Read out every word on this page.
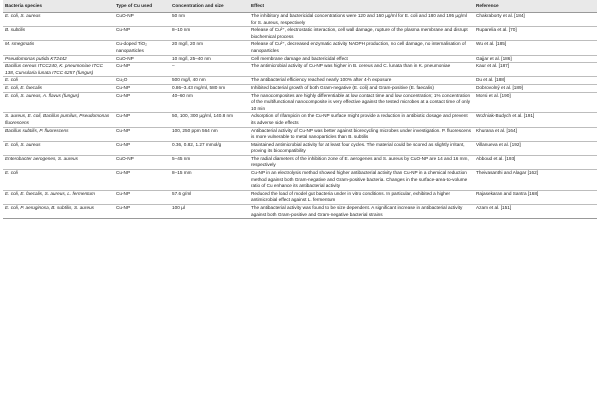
Bacteria species	Type of Cu used	Concentration and size	Effect	Reference
E. coli, S. aureus	CuO-NP	50 nm	The inhibitory and bactericidal concentrations were 120 and 160 µg/ml for E. coli and 180 and 195 µg/ml for S. aureus, respectively	Chakraborty et al. [184]
B. subtilis	Cu-NP	8–10 nm	Release of Cu²⁺, electrostatic interaction, cell wall damage, rupture of the plasma membrane and disrupt biochemical process	Ruparelia et al. [70]
M. smegmatis	Cu-doped TiO₂ nanoparticles	20 mg/l, 20 nm	Release of Cu²⁺, decreased enzymatic activity NADPH production, no cell damage, no internalisation of nanoparticles	Wu et al. [185]
Pseudomonas putida KT2442	CuO-NP	10 mg/l, 25–40 nm	Cell membrane damage and bactericidal effect	Gajjar et al. [186]
Bacillus cereus ITCC240, K. pneumoniae ITCC 138, Curvularia lunata ITCC 6257 (fungus)	Cu-NP	–	The antimicrobial activity of Cu-NP was higher in B. cereus and C. lunata than in K. pneumoniae	Kaur et al. [187]
E. coli	Cu₂O	500 mg/l, 40 nm	The antibacterial efficiency reached nearly 100% after 4-h exposure	Du et al. [188]
E. coli, E. faecalis	Cu-NP	0.86–3.43 mg/ml, 580 nm	Inhibited bacterial growth of both Gram-negative (E. coli) and Gram-positive (E. faecalis)	Dobrovolný et al. [189]
E. coli, S. aureus, A. flavus (fungus)	Cu-NP	40–60 nm	The nanocomposites are highly differentiable at low contact time and low concentration; 1% concentration of the multifunctional nanocomposite is very effective against the tested microbes at a contact time of only 10 min	Morsi et al. [190]
S. aureus, E. coli, Bacillus pumilus, Pseudomonas fluorescens	Cu-NP	50, 100, 300 µg/ml, 140.8 nm	Adsorption of rifampicin on the Cu-NP surface might provide a reduction in antibiotic dosage and prevent its adverse side effects	Woźniak-Budych et al. [191]
Bacillus subtilis, P. fluorescens	Cu-NP	100, 250 ppm 564 nm	Antibacterial activity of Cu-NP was better against biorecycling microbes under investigation. P. fluorescens is more vulnerable to metal nanoparticles than B. subtilis	Khurana et al. [164]
E. coli, S. aureus	Cu-NP	0.36, 0.82, 1.27 mmol/g	Maintained antimicrobial activity for at least four cycles. The material could be scored as slightly irritant, proving its biocompatibility	Villanueva et al. [192]
Enterobacter aerogenes, S. aureus	CuO-NP	5–45 nm	The radial diameters of the inhibition zone of E. aerogenes and S. aureus by CuO-NP are 14 and 16 mm, respectively	Abboud et al. [193]
E. coli	Cu-NP	8–15 mm	Cu-NP in an electrolysis method showed higher antibacterial activity than Cu-NP in a chemical reduction method against both Gram-negative and Gram-positive bacteria. Changes in the surface-area-to-volume ratio of Cu enhance its antibacterial activity	Theivasanthi and Alagar [162]
E. coli, E. faecalis, S. aureus, L. fermentum	Cu-NP	57.6 g/ml	Reduced the load of model gut bacteria under in vitro conditions. In particular, exhibited a higher antimicrobial effect against L. fermentum	Rajasekaran and Santra [168]
E. coli, P. aeruginosa, B. subtilis, S. aureus	Cu-NP	100 µl	The antibacterial activity was found to be size dependent. A significant increase in antibacterial activity against both Gram-positive and Gram-negative bacterial strains	Azam et al. [151]
